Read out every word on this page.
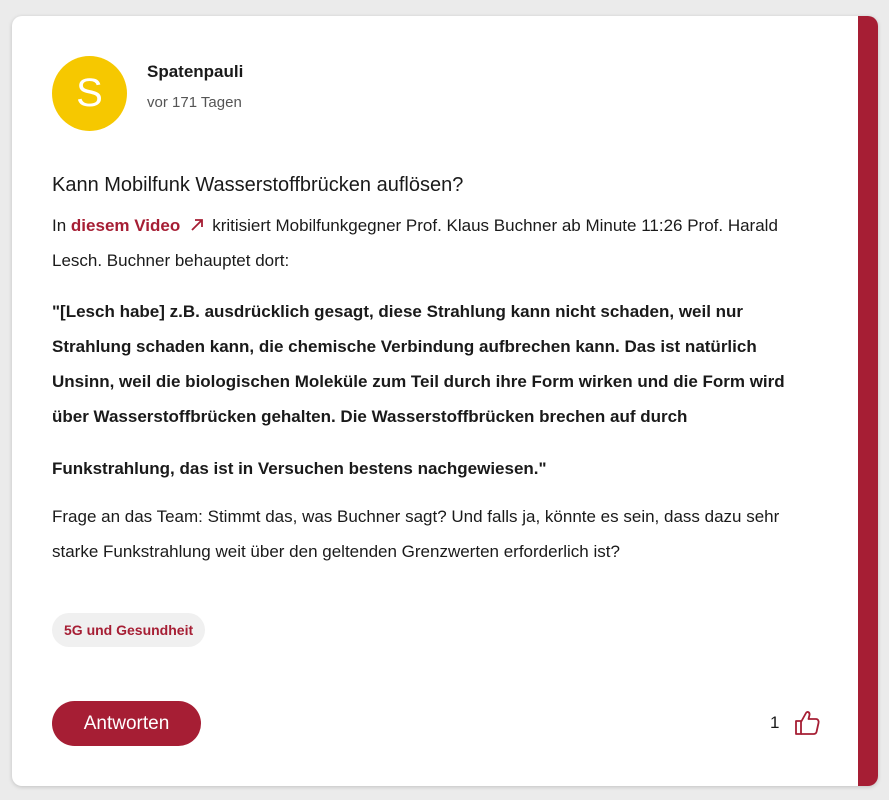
S	Spatenpauli
vor 171 Tagen
Kann Mobilfunk Wasserstoffbrücken auflösen?
In diesem Video kritisiert Mobilfunkgegner Prof. Klaus Buchner ab Minute 11:26 Prof. Harald Lesch. Buchner behauptet dort:
"[Lesch habe] z.B. ausdrücklich gesagt, diese Strahlung kann nicht schaden, weil nur Strahlung schaden kann, die chemische Verbindung aufbrechen kann. Das ist natürlich Unsinn, weil die biologischen Moleküle zum Teil durch ihre Form wirken und die Form wird über Wasserstoffbrücken gehalten. Die Wasserstoffbrücken brechen auf durch
Funkstrahlung, das ist in Versuchen bestens nachgewiesen."
Frage an das Team: Stimmt das, was Buchner sagt? Und falls ja, könnte es sein, dass dazu sehr starke Funkstrahlung weit über den geltenden Grenzwerten erforderlich ist?
5G und Gesundheit
Antworten	1
